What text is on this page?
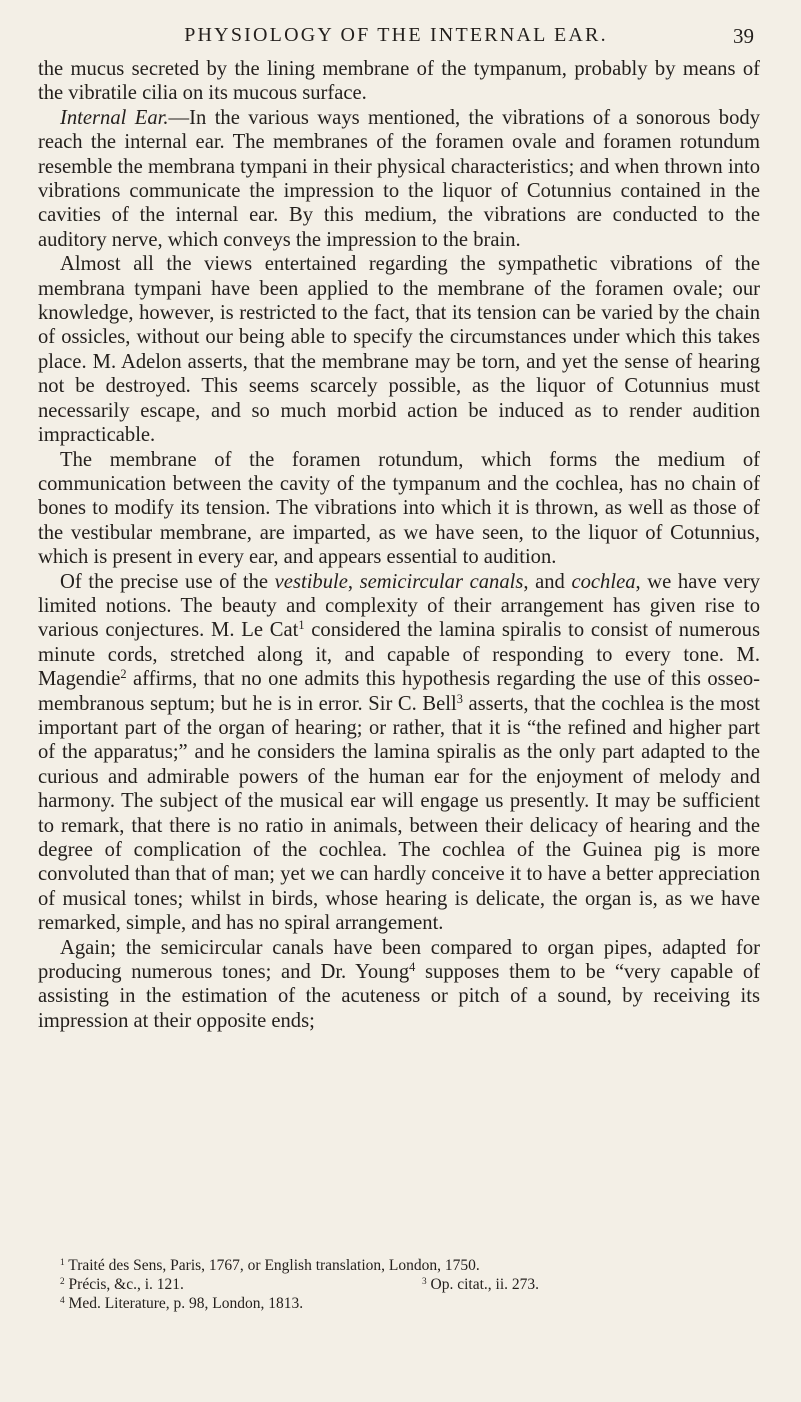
PHYSIOLOGY OF THE INTERNAL EAR.	39

the mucus secreted by the lining membrane of the tympanum, probably by means of the vibratile cilia on its mucous surface.

Internal Ear.—In the various ways mentioned, the vibrations of a sonorous body reach the internal ear. The membranes of the foramen ovale and foramen rotundum resemble the membrana tympani in their physical characteristics; and when thrown into vibrations communicate the impression to the liquor of Cotunnius contained in the cavities of the internal ear. By this medium, the vibrations are conducted to the auditory nerve, which conveys the impression to the brain.

Almost all the views entertained regarding the sympathetic vibrations of the membrana tympani have been applied to the membrane of the foramen ovale; our knowledge, however, is restricted to the fact, that its tension can be varied by the chain of ossicles, without our being able to specify the circumstances under which this takes place. M. Adelon asserts, that the membrane may be torn, and yet the sense of hearing not be destroyed. This seems scarcely possible, as the liquor of Cotunnius must necessarily escape, and so much morbid action be induced as to render audition impracticable.

The membrane of the foramen rotundum, which forms the medium of communication between the cavity of the tympanum and the cochlea, has no chain of bones to modify its tension. The vibrations into which it is thrown, as well as those of the vestibular membrane, are imparted, as we have seen, to the liquor of Cotunnius, which is present in every ear, and appears essential to audition.

Of the precise use of the vestibule, semicircular canals, and cochlea, we have very limited notions. The beauty and complexity of their arrangement has given rise to various conjectures. M. Le Cat$^1$ considered the lamina spiralis to consist of numerous minute cords, stretched along it, and capable of responding to every tone. M. Magendie$^2$ affirms, that no one admits this hypothesis regarding the use of this osseo-membranous septum; but he is in error. Sir C. Bell$^3$ asserts, that the cochlea is the most important part of the organ of hearing; or rather, that it is “the refined and higher part of the apparatus;” and he considers the lamina spiralis as the only part adapted to the curious and admirable powers of the human ear for the enjoyment of melody and harmony. The subject of the musical ear will engage us presently. It may be sufficient to remark, that there is no ratio in animals, between their delicacy of hearing and the degree of complication of the cochlea. The cochlea of the Guinea pig is more convoluted than that of man; yet we can hardly conceive it to have a better appreciation of musical tones; whilst in birds, whose hearing is delicate, the organ is, as we have remarked, simple, and has no spiral arrangement.

Again; the semicircular canals have been compared to organ pipes, adapted for producing numerous tones; and Dr. Young$^4$ supposes them to be “very capable of assisting in the estimation of the acuteness or pitch of a sound, by receiving its impression at their opposite ends;

$^1$ Traité des Sens, Paris, 1767, or English translation, London, 1750.
$^2$ Précis, &c., i. 121.	$^3$ Op. citat., ii. 273.
$^4$ Med. Literature, p. 98, London, 1813.
